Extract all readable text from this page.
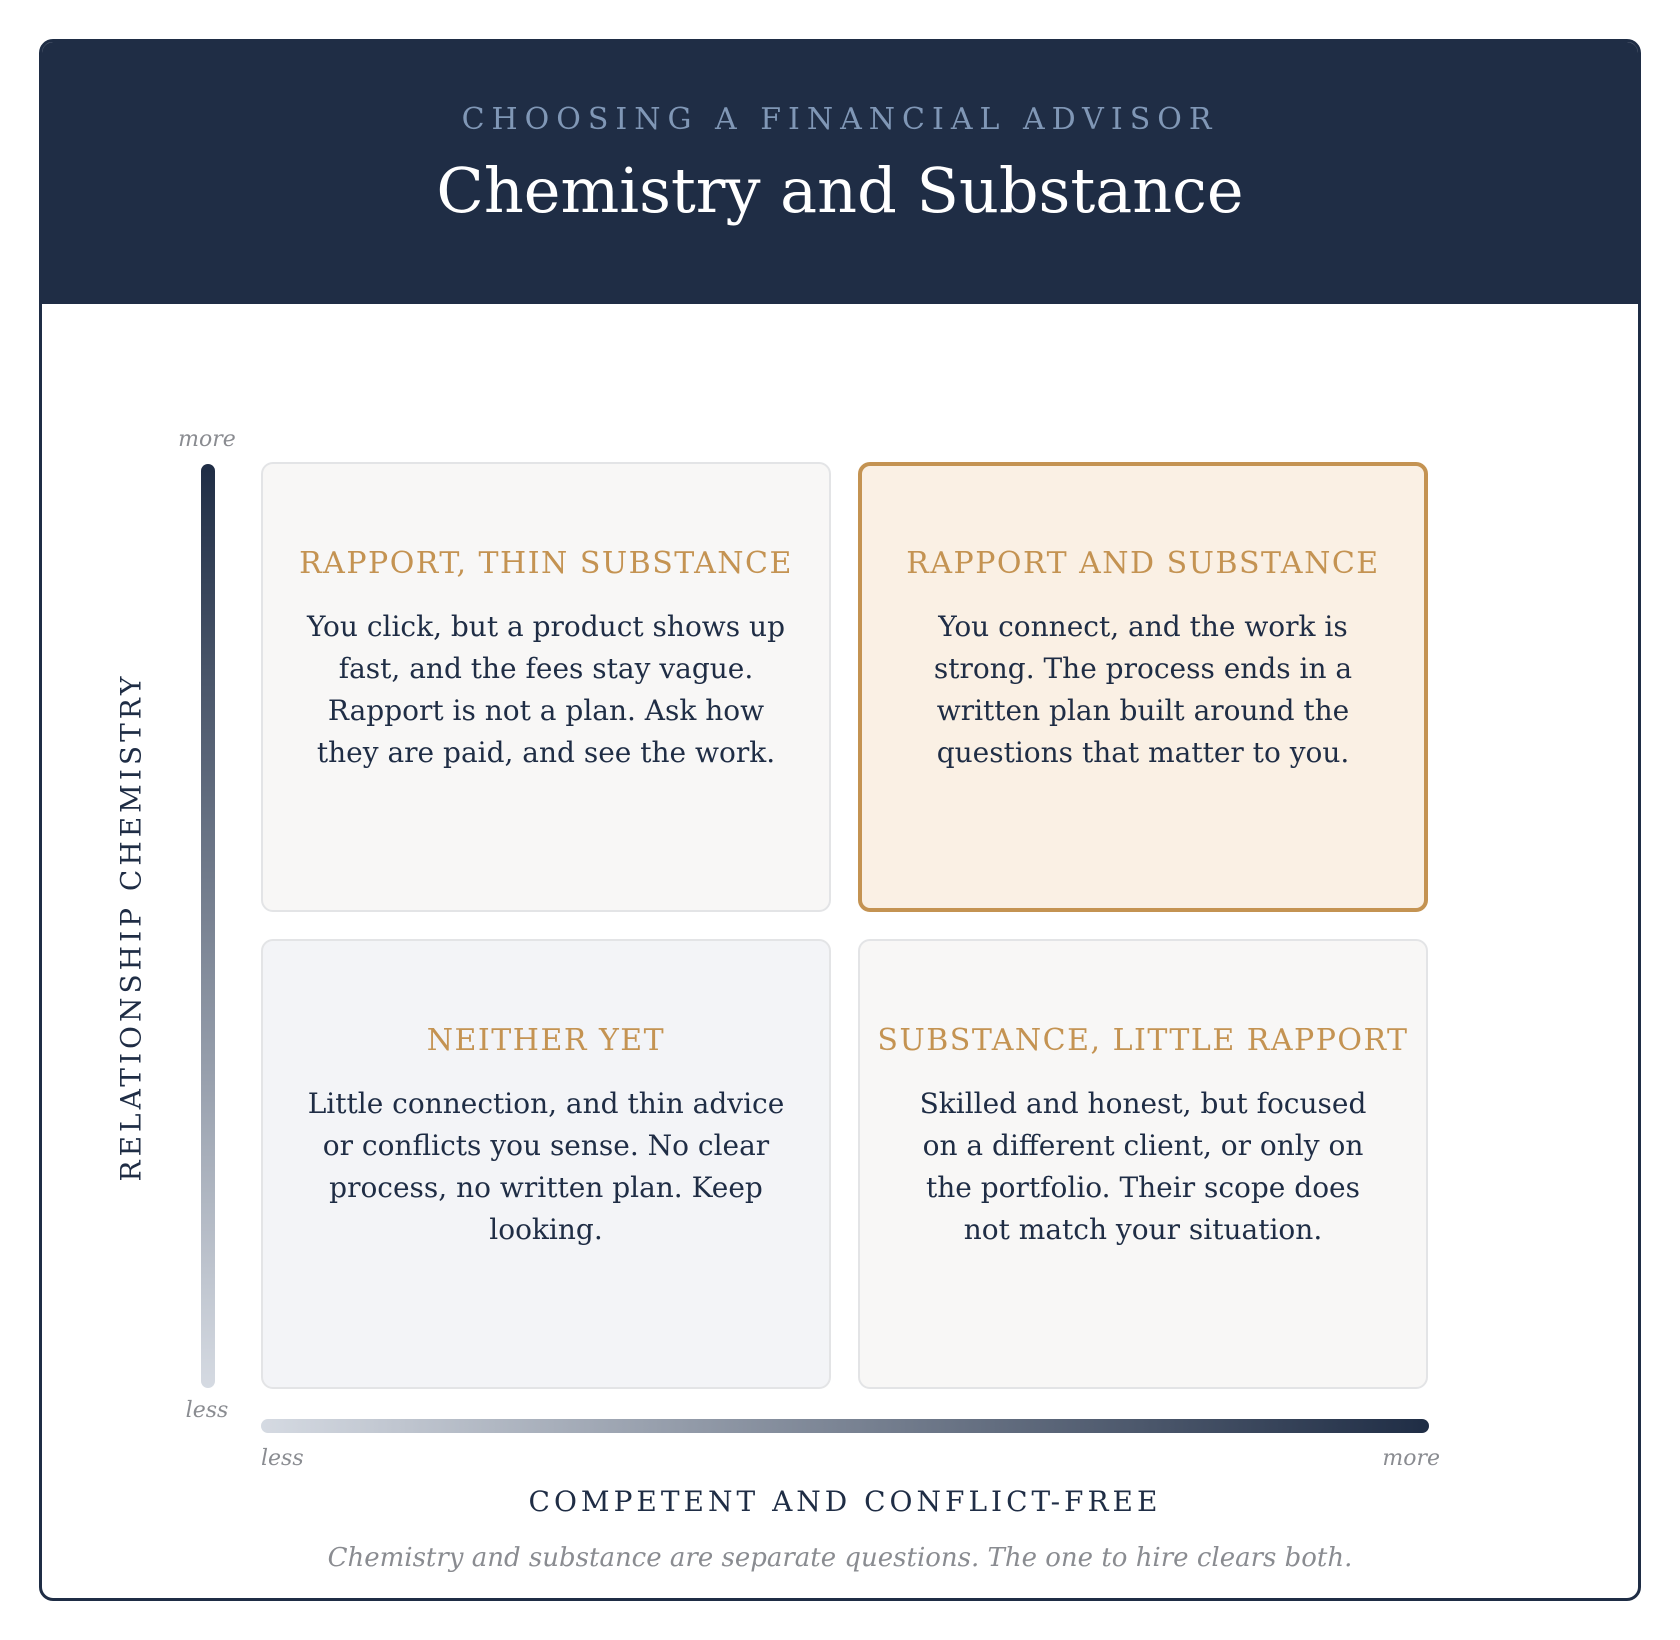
CHOOSING A FINANCIAL ADVISOR
Chemistry and Substance
more
less
RELATIONSHIP CHEMISTRY
RAPPORT, THIN SUBSTANCE
You click, but a product shows up fast, and the fees stay vague. Rapport is not a plan. Ask how they are paid, and see the work.
RAPPORT AND SUBSTANCE
You connect, and the work is strong. The process ends in a written plan built around the questions that matter to you.
NEITHER YET
Little connection, and thin advice or conflicts you sense. No clear process, no written plan. Keep looking.
SUBSTANCE, LITTLE RAPPORT
Skilled and honest, but focused on a different client, or only on the portfolio. Their scope does not match your situation.
less	more
COMPETENT AND CONFLICT-FREE
Chemistry and substance are separate questions. The one to hire clears both.
